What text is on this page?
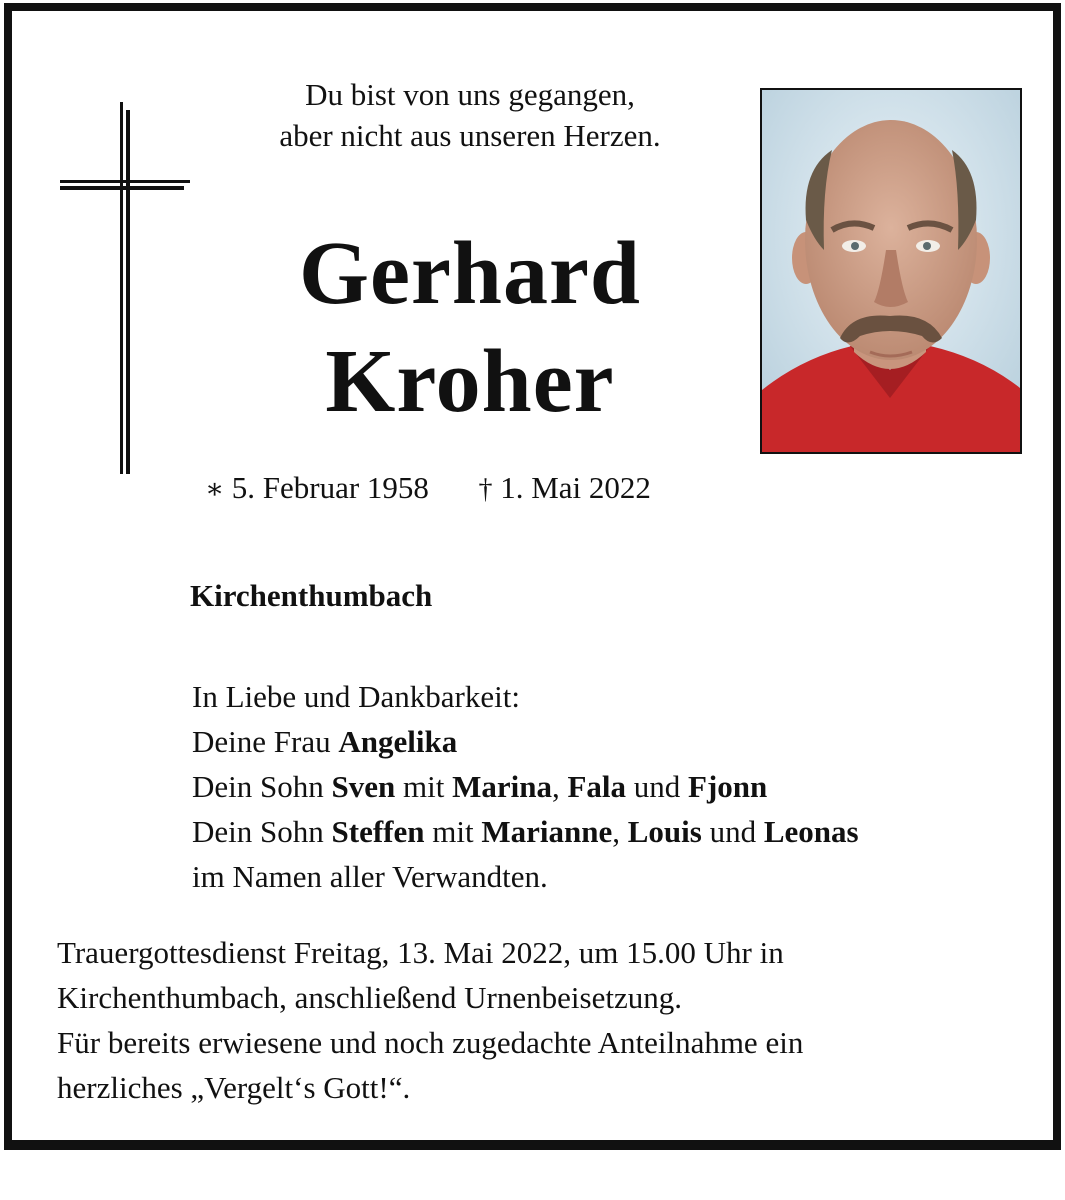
Du bist von uns gegangen,
aber nicht aus unseren Herzen.
Gerhard
Kroher
∗ 5. Februar 1958 † 1. Mai 2022
Kirchenthumbach
In Liebe und Dankbarkeit:
Deine Frau Angelika
Dein Sohn Sven mit Marina, Fala und Fjonn
Dein Sohn Steffen mit Marianne, Louis und Leonas
im Namen aller Verwandten.
Trauergottesdienst Freitag, 13. Mai 2022, um 15.00 Uhr in
Kirchenthumbach, anschließend Urnenbeisetzung.
Für bereits erwiesene und noch zugedachte Anteilnahme ein
herzliches „Vergelt‘s Gott!“.
